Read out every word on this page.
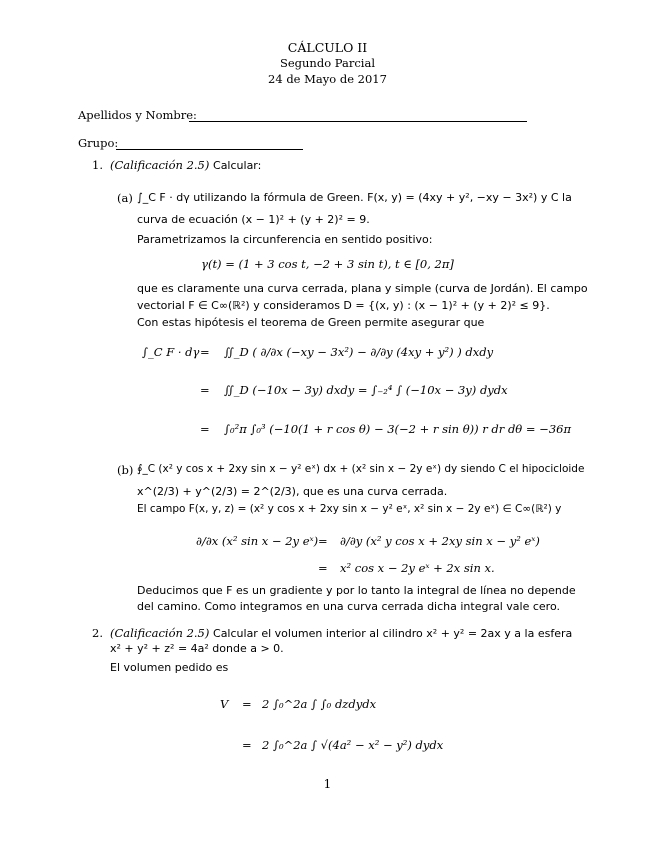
CÁLCULO II
Segundo Parcial
24 de Mayo de 2017
Apellidos y Nombre:
Grupo:
1. (Calificación 2.5) Calcular:
(a) ∫_C F · dγ utilizando la fórmula de Green. F(x, y) = (4xy + y², −xy − 3x²) y C la
curva de ecuación (x − 1)² + (y + 2)² = 9.
Parametrizamos la circunferencia en sentido positivo:
γ(t) = (1 + 3 cos t, −2 + 3 sin t), t ∈ [0, 2π]
que es claramente una curva cerrada, plana y simple (curva de Jordán). El campo
vectorial F ∈ C∞(ℝ²) y consideramos D = {(x, y) : (x − 1)² + (y + 2)² ≤ 9}.
Con estas hipótesis el teorema de Green permite asegurar que
∫_C F · dγ = ∬_D ( ∂/∂x (−xy − 3x²) − ∂/∂y (4xy + y²) ) dxdy
= ∬_D (−10x − 3y) dxdy = ∫₋₂⁴ ∫ (−10x − 3y) dydx
= ∫₀²π ∫₀³ (−10(1 + r cos θ) − 3(−2 + r sin θ)) r dr dθ = −36π
(b) ∮_C (x² y cos x + 2xy sin x − y² eˣ) dx + (x² sin x − 2y eˣ) dy siendo C el hipocicloide
x^(2/3) + y^(2/3) = 2^(2/3), que es una curva cerrada.
El campo F(x, y, z) = (x² y cos x + 2xy sin x − y² eˣ, x² sin x − 2y eˣ) ∈ C∞(ℝ²) y
∂/∂x (x² sin x − 2y eˣ) = ∂/∂y (x² y cos x + 2xy sin x − y² eˣ)
= x² cos x − 2y eˣ + 2x sin x.
Deducimos que F es un gradiente y por lo tanto la integral de línea no depende
del camino. Como integramos en una curva cerrada dicha integral vale cero.
2. (Calificación 2.5) Calcular el volumen interior al cilindro x² + y² = 2ax y a la esfera
x² + y² + z² = 4a² donde a > 0.
El volumen pedido es
V = 2 ∫₀^2a ∫ ∫₀ dzdydx
= 2 ∫₀^2a ∫ √(4a² − x² − y²) dydx
1
